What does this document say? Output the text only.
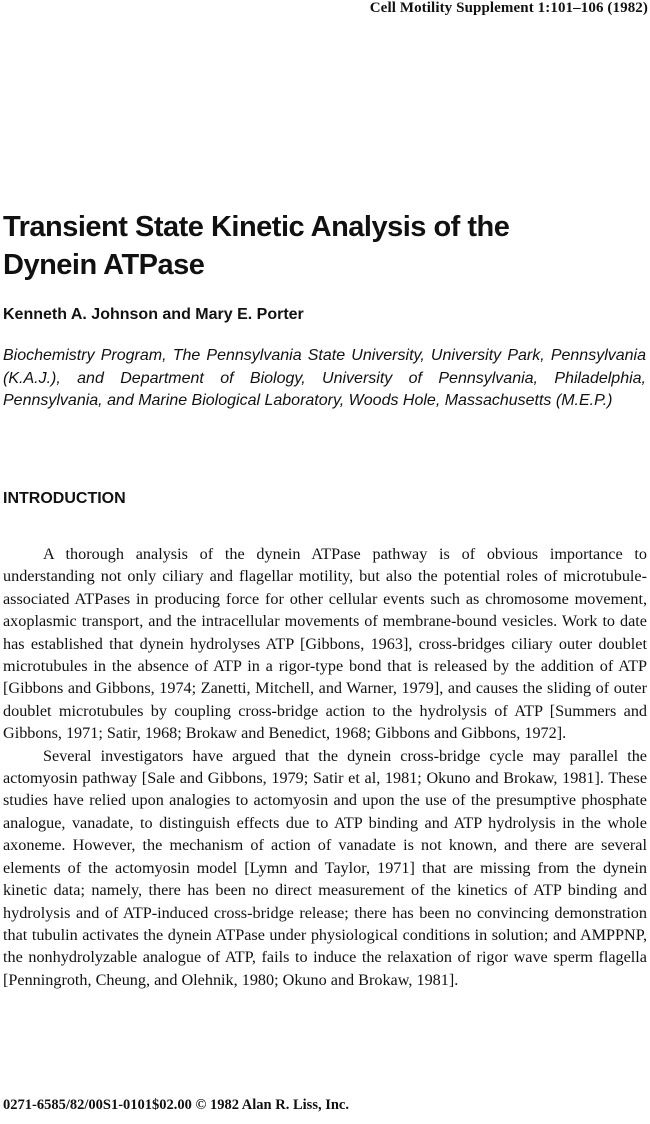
Cell Motility Supplement 1:101–106 (1982)
Transient State Kinetic Analysis of the Dynein ATPase
Kenneth A. Johnson and Mary E. Porter
Biochemistry Program, The Pennsylvania State University, University Park, Pennsylvania (K.A.J.), and Department of Biology, University of Pennsylvania, Philadelphia, Pennsylvania, and Marine Biological Laboratory, Woods Hole, Massachusetts (M.E.P.)
INTRODUCTION

A thorough analysis of the dynein ATPase pathway is of obvious importance to understanding not only ciliary and flagellar motility, but also the potential roles of microtubule-associated ATPases in producing force for other cellular events such as chromosome movement, axoplasmic transport, and the intracellular movements of membrane-bound vesicles. Work to date has established that dynein hydrolyses ATP [Gibbons, 1963], cross-bridges ciliary outer doublet microtubules in the absence of ATP in a rigor-type bond that is released by the addition of ATP [Gibbons and Gibbons, 1974; Zanetti, Mitchell, and Warner, 1979], and causes the sliding of outer doublet microtubules by coupling cross-bridge action to the hydrolysis of ATP [Summers and Gibbons, 1971; Satir, 1968; Brokaw and Benedict, 1968; Gibbons and Gibbons, 1972].

Several investigators have argued that the dynein cross-bridge cycle may parallel the actomyosin pathway [Sale and Gibbons, 1979; Satir et al, 1981; Okuno and Brokaw, 1981]. These studies have relied upon analogies to actomyosin and upon the use of the presumptive phosphate analogue, vanadate, to distinguish effects due to ATP binding and ATP hydrolysis in the whole axoneme. However, the mechanism of action of vanadate is not known, and there are several elements of the actomyosin model [Lymn and Taylor, 1971] that are missing from the dynein kinetic data; namely, there has been no direct measurement of the kinetics of ATP binding and hydrolysis and of ATP-induced cross-bridge release; there has been no convincing demonstration that tubulin activates the dynein ATPase under physiological conditions in solution; and AMPPNP, the nonhydrolyzable analogue of ATP, fails to induce the relaxation of rigor wave sperm flagella [Penningroth, Cheung, and Olehnik, 1980; Okuno and Brokaw, 1981].

0271-6585/82/00S1-0101$02.00 © 1982 Alan R. Liss, Inc.
